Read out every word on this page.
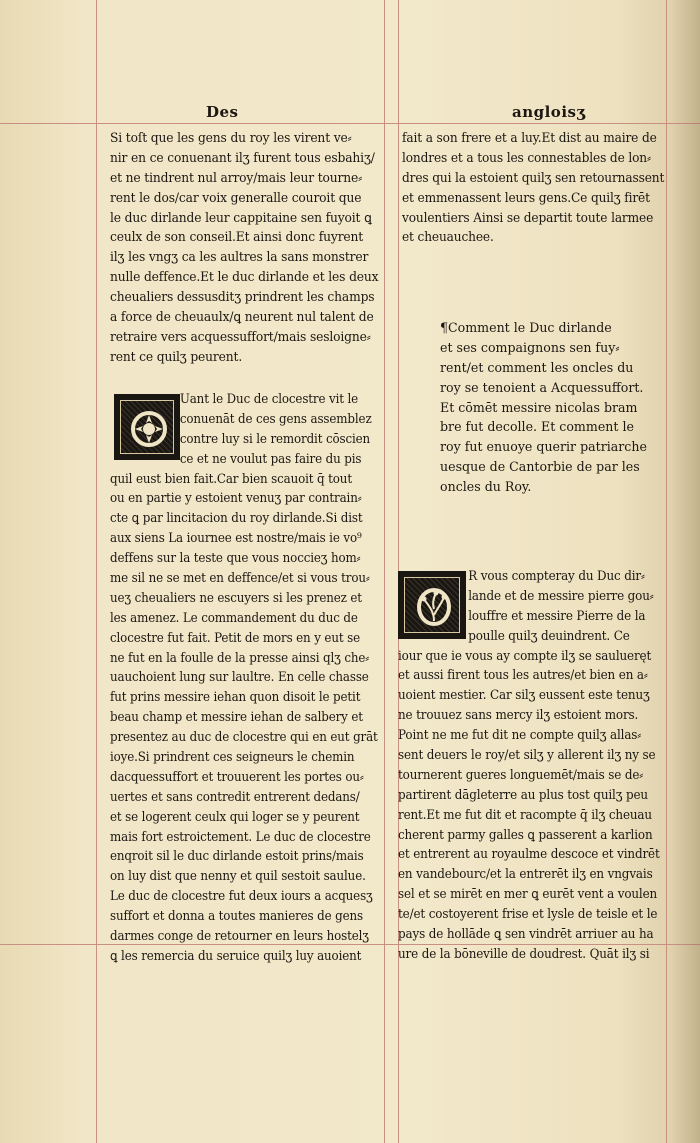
Des	angloisʒ
Si toſt que les gens du roy les virent ve⸗
nir en ce conuenant ilʒ furent tous esbahiʒ/
et ne tindrent nul arroy/mais leur tourne⸗
rent le dos/car voix generalle couroit que
le duc dirlande leur cappitaine sen fuyoit ꝗ
ceulx de son conseil.Et ainsi donc fuyrent
ilʒ les vngʒ ca les aultres la sans monstrer
nulle deffence.Et le duc dirlande et les deux
cheualiers dessusditʒ prindrent les champs
a force de cheuaulx/ꝗ neurent nul talent de
retraire vers acquessuffort/mais sesloigne⸗
rent ce quilʒ peurent.
Uant le Duc de clocestre vit le
conuenāt de ces gens assemblez
contre luy si le remordit cōscien
ce et ne voulut pas faire du pis
quil eust bien fait.Car bien scauoit q̄ tout
ou en partie y estoient venuʒ par contrain⸗
cte ꝗ par lincitacion du roy dirlande.Si dist
aux siens La iournee est nostre/mais ie vo⁹
deffens sur la teste que vous noccieʒ hom⸗
me sil ne se met en deffence/et si vous trou⸗
ueʒ cheualiers ne escuyers si les prenez et
les amenez. Le commandement du duc de
clocestre fut fait. Petit de mors en y eut se
ne fut en la foulle de la presse ainsi qlʒ che⸗
uauchoient lung sur laultre. En celle chasse
fut prins messire iehan quon disoit le petit
beau champ et messire iehan de salbery et
presentez au duc de clocestre qui en eut grāt
ioye.Si prindrent ces seigneurs le chemin
dacquessuffort et trouuerent les portes ou⸗
uertes et sans contredit entrerent dedans/
et se logerent ceulx qui loger se y peurent
mais fort estroictement. Le duc de clocestre
enqroit sil le duc dirlande estoit prins/mais
on luy dist que nenny et quil sestoit saulue.
Le duc de clocestre fut deux iours a acquesʒ
suffort et donna a toutes manieres de gens
darmes conge de retourner en leurs hostelʒ
ꝗ les remercia du seruice quilʒ luy auoient
fait a son frere et a luy.Et dist au maire de
londres et a tous les connestables de lon⸗
dres qui la estoient quilʒ sen retournassent
et emmenassent leurs gens.Ce quilʒ firēt
voulentiers Ainsi se departit toute larmee
et cheuauchee.
¶Comment le Duc dirlande
et ses compaignons sen fuy⸗
rent/et comment les oncles du
roy se tenoient a Acquessuffort.
Et cōmēt messire nicolas bram
bre fut decolle. Et comment le
roy fut enuoye querir patriarche
uesque de Cantorbie de par les
oncles du Roy.
R vous compteray du Duc dir⸗
lande et de messire pierre gou⸗
louffre et messire Pierre de la
poulle quilʒ deuindrent. Ce
iour que ie vous ay compte ilʒ se saulueręt
et aussi firent tous les autres/et bien en a⸗
uoient mestier. Car silʒ eussent este tenuʒ
ne trouuez sans mercy ilʒ estoient mors.
Point ne me fut dit ne compte quilʒ allas⸗
sent deuers le roy/et silʒ y allerent ilʒ ny se
tournerent gueres longuemēt/mais se de⸗
partirent dāgleterre au plus tost quilʒ peu
rent.Et me fut dit et racompte q̄ ilʒ cheuau
cherent parmy galles ꝗ passerent a karlion
et entrerent au royaulme descoce et vindrēt
en vandebourc/et la entrerēt ilʒ en vngvais
sel et se mirēt en mer ꝗ eurēt vent a voulen
te/et costoyerent frise et lysle de teisle et le
pays de hollāde ꝗ sen vindrēt arriuer au ha
ure de la bōneville de doudrest. Quāt ilʒ si
